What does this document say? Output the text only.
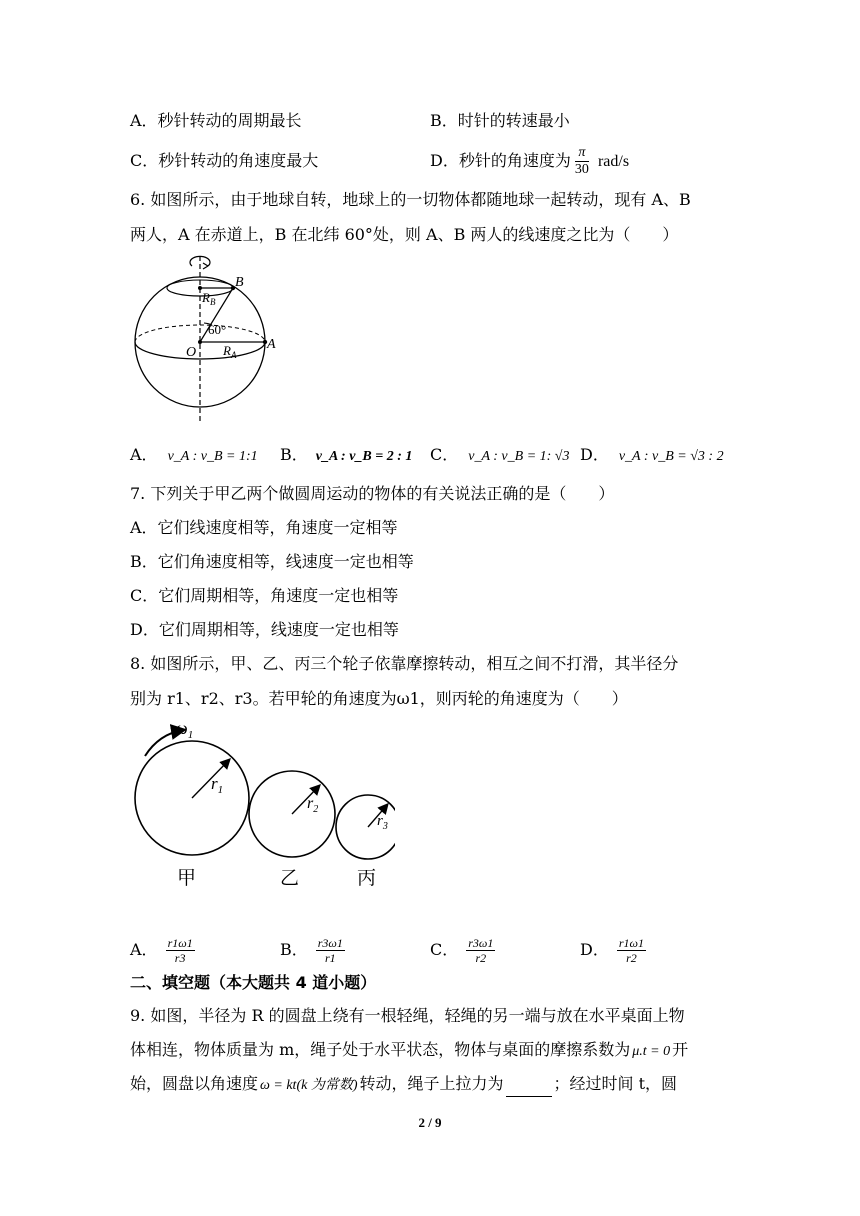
A．秒针转动的周期最长	B．时针的转速最小
C．秒针转动的角速度最大	D．秒针的角速度为 $\frac{\pi}{30} rad/s$
6. 如图所示，由于地球自转，地球上的一切物体都随地球一起转动，现有 A、B
两人，A 在赤道上，B 在北纬 60°处，则 A、B 两人的线速度之比为（　　）
B
$R_B$
60°
O $R_A$
A
A． v_A : v_B = 1:1 B． v_A : v_B = 2 : 1 C． v_A : v_B = 1: √3 D． v_A : v_B = √3 : 2
7. 下列关于甲乙两个做圆周运动的物体的有关说法正确的是（　　）
A．它们线速度相等，角速度一定相等
B．它们角速度相等，线速度一定也相等
C．它们周期相等，角速度一定也相等
D．它们周期相等，线速度一定也相等
8. 如图所示，甲、乙、丙三个轮子依靠摩擦转动，相互之间不打滑，其半径分
别为 r1、r2、r3。若甲轮的角速度为ω1，则丙轮的角速度为（　　）
$\omega_1$
$r_1$
$r_2$
$r_3$
甲	乙	丙
A． $\frac{r1\omega 1}{r3}$	B． $\frac{r3\omega 1}{r1}$	C． $\frac{r3\omega 1}{r2}$	D． $\frac{r1\omega 1}{r2}$
二、填空题（本大题共 4 道小题）
9. 如图，半径为 R 的圆盘上绕有一根轻绳，轻绳的另一端与放在水平桌面上物
体相连，物体质量为 m，绳子处于水平状态，物体与桌面的摩擦系数为 μ.t = 0 开
始，圆盘以角速度 ω = kt(k 为常数) 转动，绳子上拉力为	；经过时间 t，圆
2 / 9
